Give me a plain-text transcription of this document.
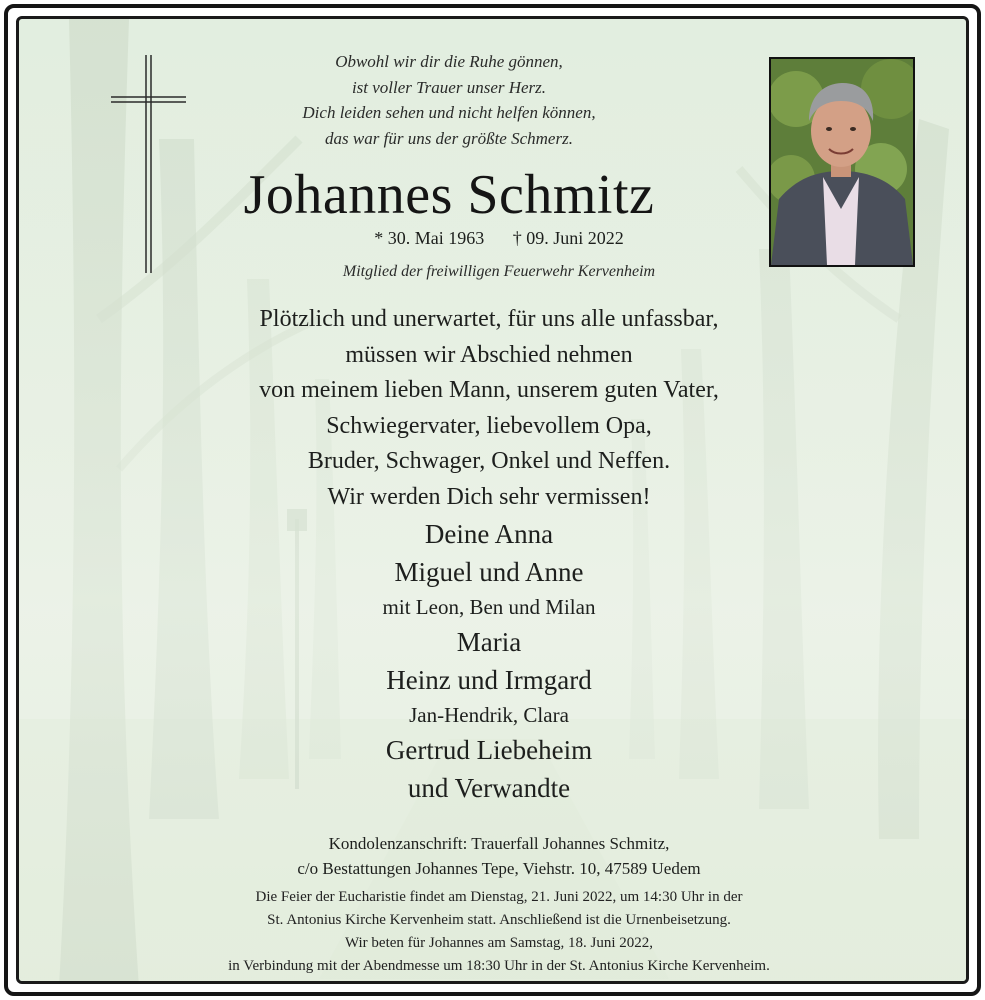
Obwohl wir dir die Ruhe gönnen,
ist voller Trauer unser Herz.
Dich leiden sehen und nicht helfen können,
das war für uns der größte Schmerz.
Johannes Schmitz
* 30. Mai 1963 † 09. Juni 2022
Mitglied der freiwilligen Feuerwehr Kervenheim
Plötzlich und unerwartet, für uns alle unfassbar,
müssen wir Abschied nehmen
von meinem lieben Mann, unserem guten Vater,
Schwiegervater, liebevollem Opa,
Bruder, Schwager, Onkel und Neffen.
Wir werden Dich sehr vermissen!
Deine Anna
Miguel und Anne
mit Leon, Ben und Milan
Maria
Heinz und Irmgard
Jan-Hendrik, Clara
Gertrud Liebeheim
und Verwandte
Kondolenzanschrift: Trauerfall Johannes Schmitz,
c/o Bestattungen Johannes Tepe, Viehstr. 10, 47589 Uedem
Die Feier der Eucharistie findet am Dienstag, 21. Juni 2022, um 14:30 Uhr in der
St. Antonius Kirche Kervenheim statt. Anschließend ist die Urnenbeisetzung.
Wir beten für Johannes am Samstag, 18. Juni 2022,
in Verbindung mit der Abendmesse um 18:30 Uhr in der St. Antonius Kirche Kervenheim.
